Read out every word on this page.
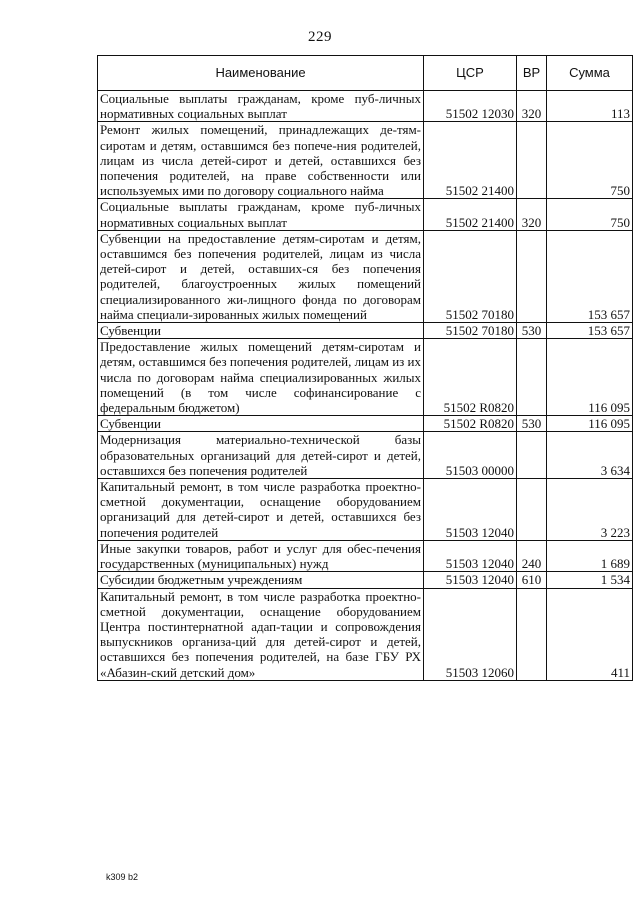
229
Наименование	ЦСР	ВР	Сумма
Социальные выплаты гражданам, кроме пуб-личных нормативных социальных выплат	51502 12030	320	113
Ремонт жилых помещений, принадлежащих де-тям-сиротам и детям, оставшимся без попече-ния родителей, лицам из числа детей-сирот и детей, оставшихся без попечения родителей, на праве собственности или используемых ими по договору социального найма	51502 21400		750
Социальные выплаты гражданам, кроме пуб-личных нормативных социальных выплат	51502 21400	320	750
Субвенции на предоставление детям-сиротам и детям, оставшимся без попечения родителей, лицам из числа детей-сирот и детей, оставших-ся без попечения родителей, благоустроенных жилых помещений специализированного жи-лищного фонда по договорам найма специали-зированных жилых помещений	51502 70180		153 657
Субвенции	51502 70180	530	153 657
Предоставление жилых помещений детям-сиротам и детям, оставшимся без попечения родителей, лицам из их числа по договорам найма специализированных жилых помещений (в том числе софинансирование с федеральным бюджетом)	51502 R0820		116 095
Субвенции	51502 R0820	530	116 095
Модернизация материально-технической базы образовательных организаций для детей-сирот и детей, оставшихся без попечения родителей	51503 00000		3 634
Капитальный ремонт, в том числе разработка проектно-сметной документации, оснащение оборудованием организаций для детей-сирот и детей, оставшихся без попечения родителей	51503 12040		3 223
Иные закупки товаров, работ и услуг для обес-печения государственных (муниципальных) нужд	51503 12040	240	1 689
Субсидии бюджетным учреждениям	51503 12040	610	1 534
Капитальный ремонт, в том числе разработка проектно-сметной документации, оснащение оборудованием Центра постинтернатной адап-тации и сопровождения выпускников организа-ций для детей-сирот и детей, оставшихся без попечения родителей, на базе ГБУ РХ «Абазин-ский детский дом»	51503 12060		411
k309 b2
